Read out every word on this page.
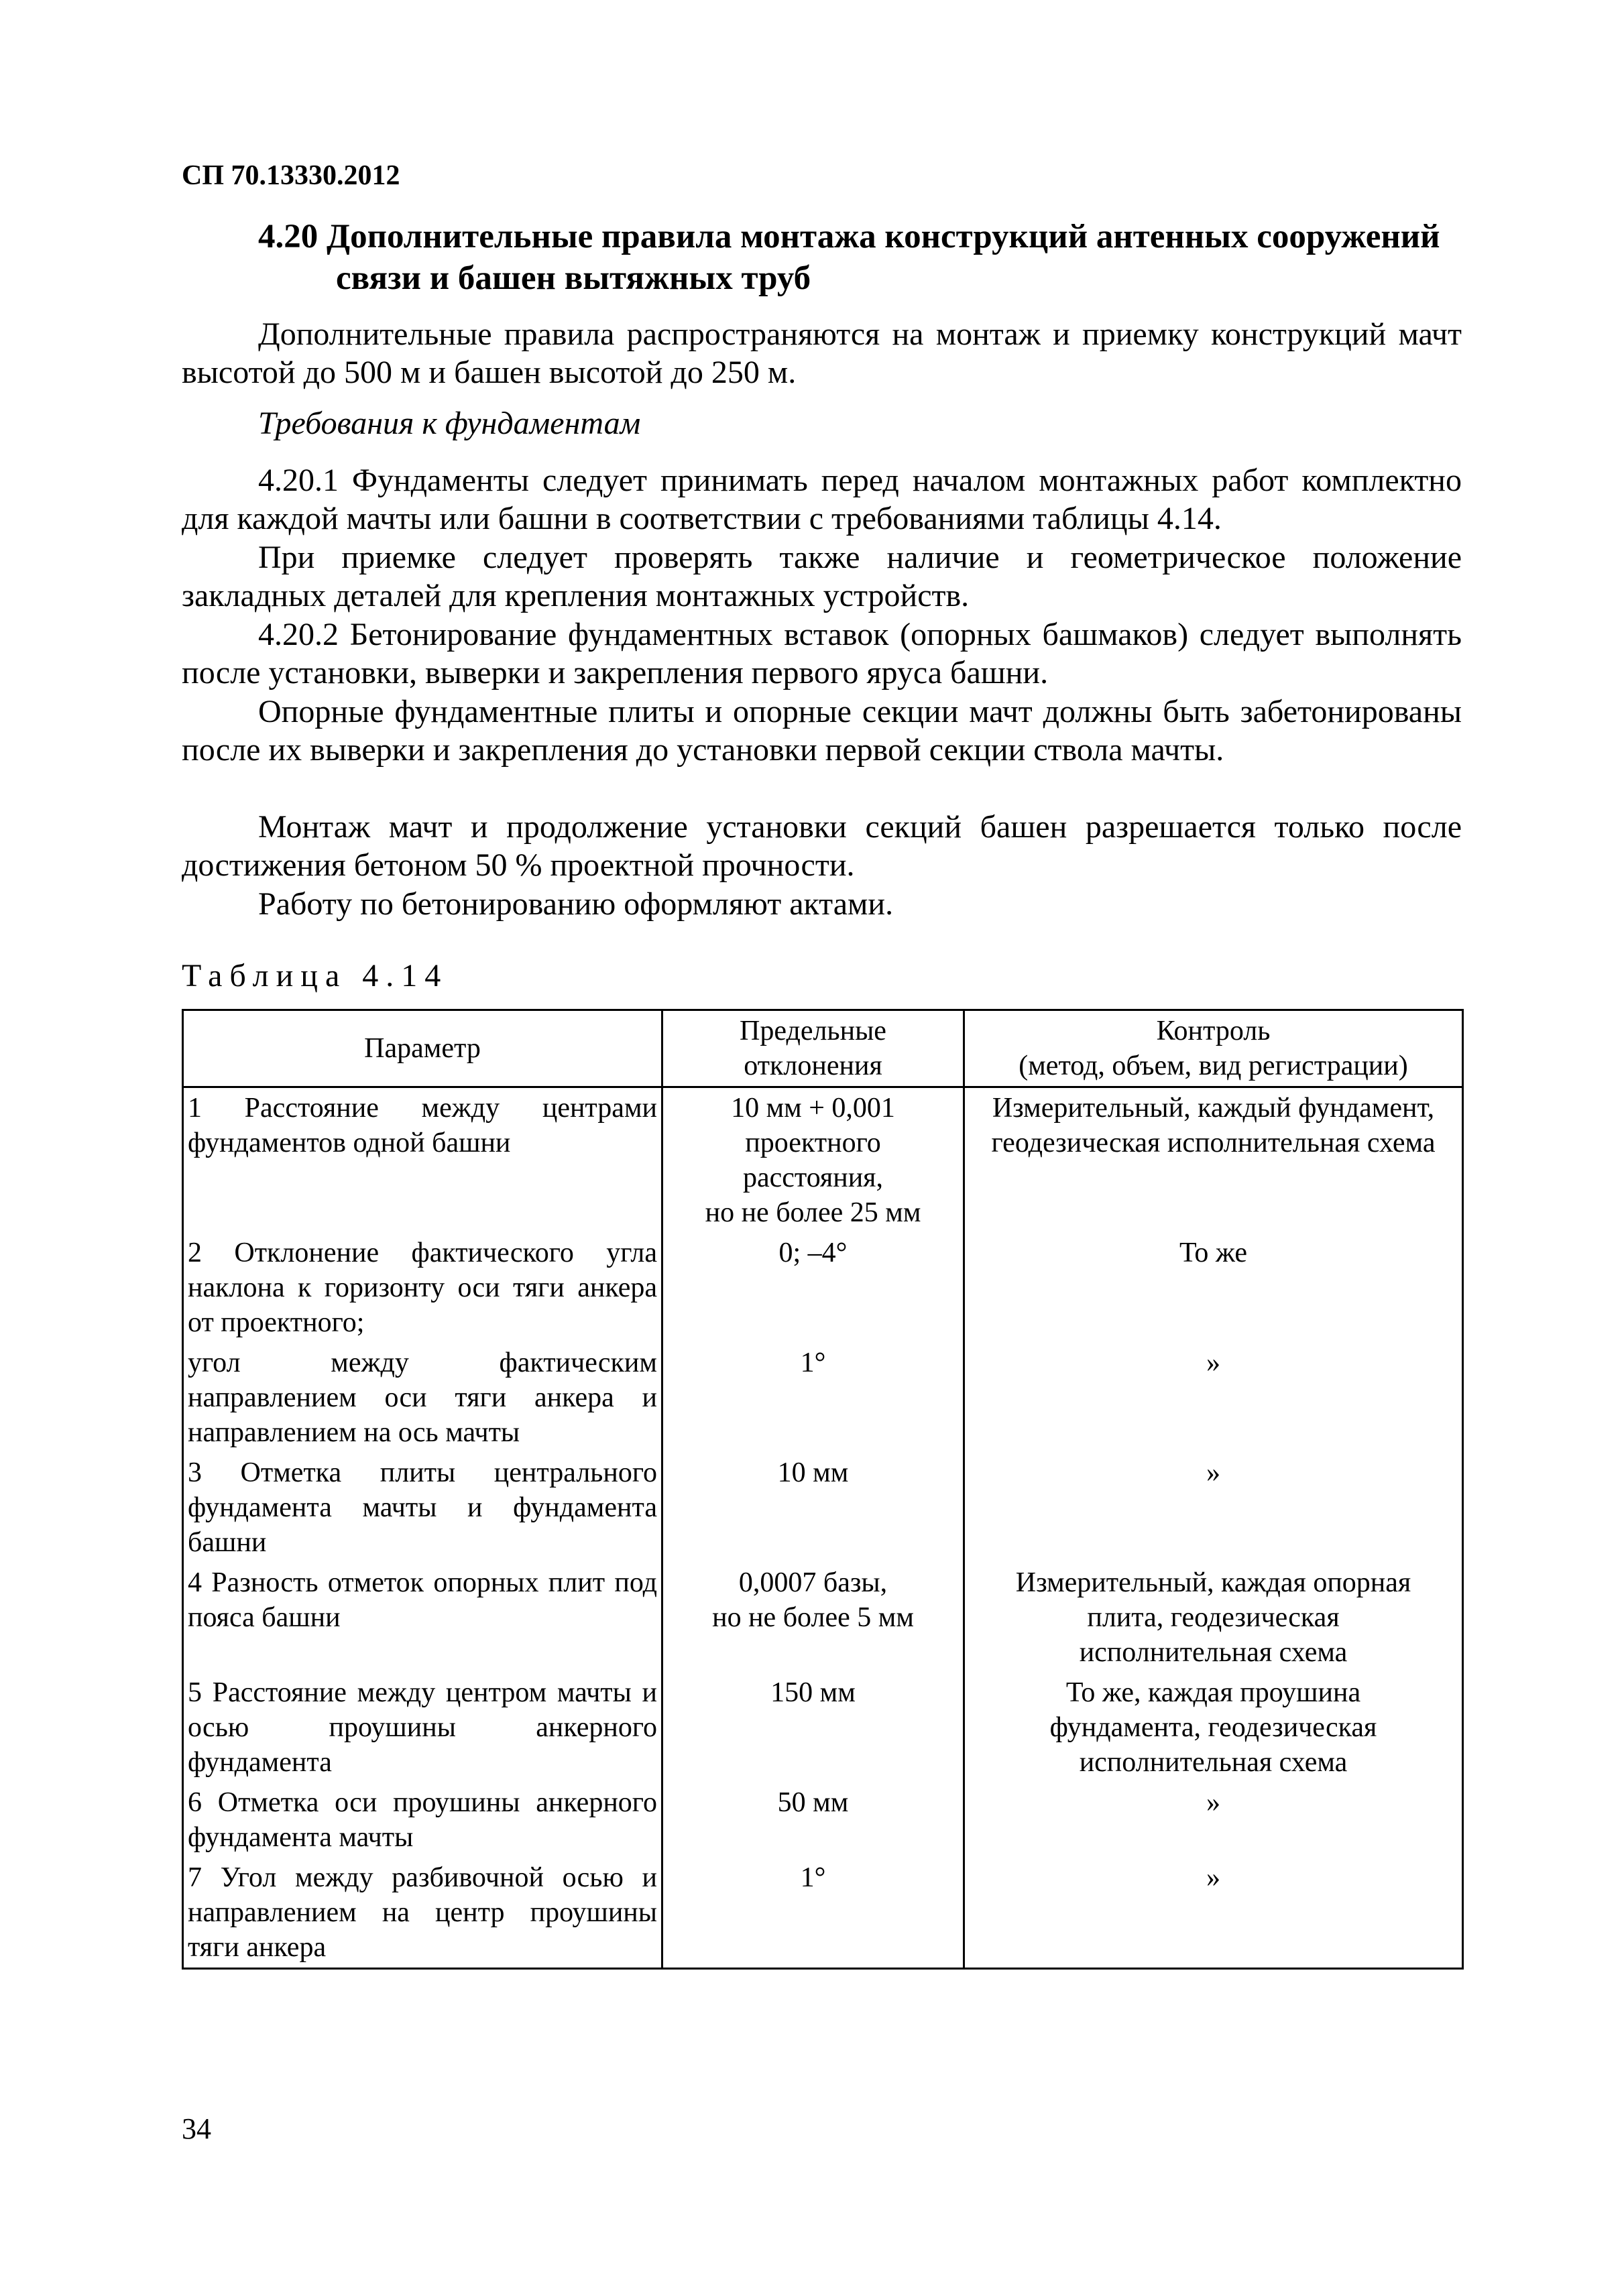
СП 70.13330.2012
4.20 Дополнительные правила монтажа конструкций антенных сооружений
связи и башен вытяжных труб

Дополнительные правила распространяются на монтаж и приемку конструкций мачт высотой до 500 м и башен высотой до 250 м.

Требования к фундаментам

4.20.1 Фундаменты следует принимать перед началом монтажных работ комплектно для каждой мачты или башни в соответствии с требованиями таблицы 4.14.

При приемке следует проверять также наличие и геометрическое положение закладных деталей для крепления монтажных устройств.

4.20.2 Бетонирование фундаментных вставок (опорных башмаков) следует выполнять после установки, выверки и закрепления первого яруса башни.

Опорные фундаментные плиты и опорные секции мачт должны быть забетонированы после их выверки и закрепления до установки первой секции ствола мачты.

Монтаж мачт и продолжение установки секций башен разрешается только после достижения бетоном 50 % проектной прочности.

Работу по бетонированию оформляют актами.

Таблица 4.14
Параметр	Предельные отклонения	Контроль
(метод, объем, вид регистрации)

1 Расстояние между центрами фундаментов одной башни	10 мм + 0,001
проектного
расстояния,
но не более 25 мм	Измерительный, каждый фундамент,
геодезическая исполнительная схема

2 Отклонение фактического угла наклона к горизонту оси тяги анкера от проектного;	0; –4°	То же

угол между фактическим направлением оси тяги анкера и направлением на ось мачты	1°	»

3 Отметка плиты центрального фундамента мачты и фундамента башни	10 мм	»

4 Разность отметок опорных плит под пояса башни	0,0007 базы,
но не более 5 мм	Измерительный, каждая опорная
плита, геодезическая
исполнительная схема

5 Расстояние между центром мачты и осью проушины анкерного фундамента	150 мм	То же, каждая проушина
фундамента, геодезическая
исполнительная схема

6 Отметка оси проушины анкерного фундамента мачты	50 мм	»

7 Угол между разбивочной осью и направлением на центр проушины тяги анкера	1°	»
34
